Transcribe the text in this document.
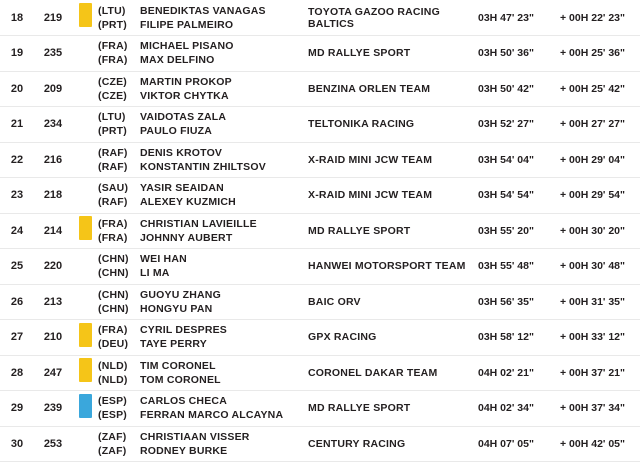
18	219		(LTU) BENEDIKTAS VANAGAS
(PRT) FILIPE PALMEIRO	TOYOTA GAZOO RACING BALTICS	03H 47' 23"	+ 00H 22' 23"
19	235		(FRA) MICHAEL PISANO
(FRA) MAX DELFINO	MD RALLYE SPORT	03H 50' 36"	+ 00H 25' 36"
20	209		(CZE) MARTIN PROKOP
(CZE) VIKTOR CHYTKA	BENZINA ORLEN TEAM	03H 50' 42"	+ 00H 25' 42"
21	234		(LTU) VAIDOTAS ZALA
(PRT) PAULO FIUZA	TELTONIKA RACING	03H 52' 27"	+ 00H 27' 27"
22	216		(RAF) DENIS KROTOV
(RAF) KONSTANTIN ZHILTSOV	X-RAID MINI JCW TEAM	03H 54' 04"	+ 00H 29' 04"
23	218		(SAU) YASIR SEAIDAN
(RAF) ALEXEY KUZMICH	X-RAID MINI JCW TEAM	03H 54' 54"	+ 00H 29' 54"
24	214		(FRA) CHRISTIAN LAVIEILLE
(FRA) JOHNNY AUBERT	MD RALLYE SPORT	03H 55' 20"	+ 00H 30' 20"
25	220		(CHN) WEI HAN
(CHN) LI MA	HANWEI MOTORSPORT TEAM	03H 55' 48"	+ 00H 30' 48"
26	213		(CHN) GUOYU ZHANG
(CHN) HONGYU PAN	BAIC ORV	03H 56' 35"	+ 00H 31' 35"
27	210		(FRA) CYRIL DESPRES
(DEU) TAYE PERRY	GPX RACING	03H 58' 12"	+ 00H 33' 12"
28	247		(NLD) TIM CORONEL
(NLD) TOM CORONEL	CORONEL DAKAR TEAM	04H 02' 21"	+ 00H 37' 21"
29	239		(ESP) CARLOS CHECA
(ESP) FERRAN MARCO ALCAYNA	MD RALLYE SPORT	04H 02' 34"	+ 00H 37' 34"
30	253		(ZAF) CHRISTIAAN VISSER
(ZAF) RODNEY BURKE	CENTURY RACING	04H 07' 05"	+ 00H 42' 05"
